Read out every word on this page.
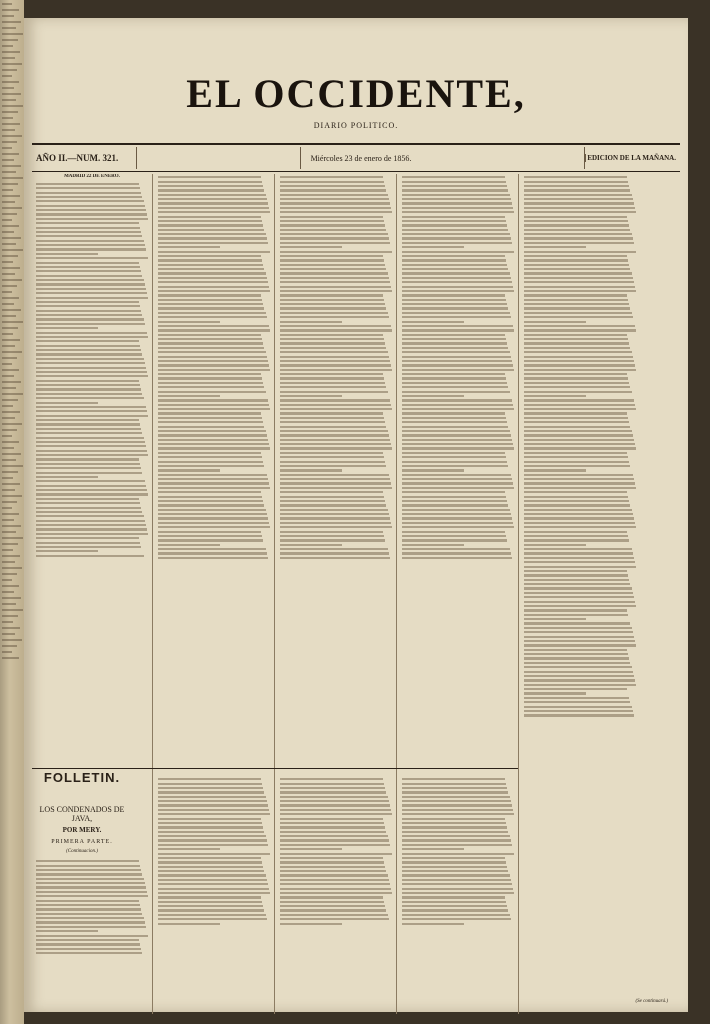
EL OCCIDENTE,
DIARIO POLITICO.
AÑO II.—NUM. 321.	Miércoles 23 de enero de 1856.	EDICION DE LA MAÑANA.
MADRID 22 DE ENERO.
FOLLETIN.
LOS CONDENADOS DE JAVA,
POR MERY.
PRIMERA PARTE.
(Continuacion.)
(Se continuará.)
